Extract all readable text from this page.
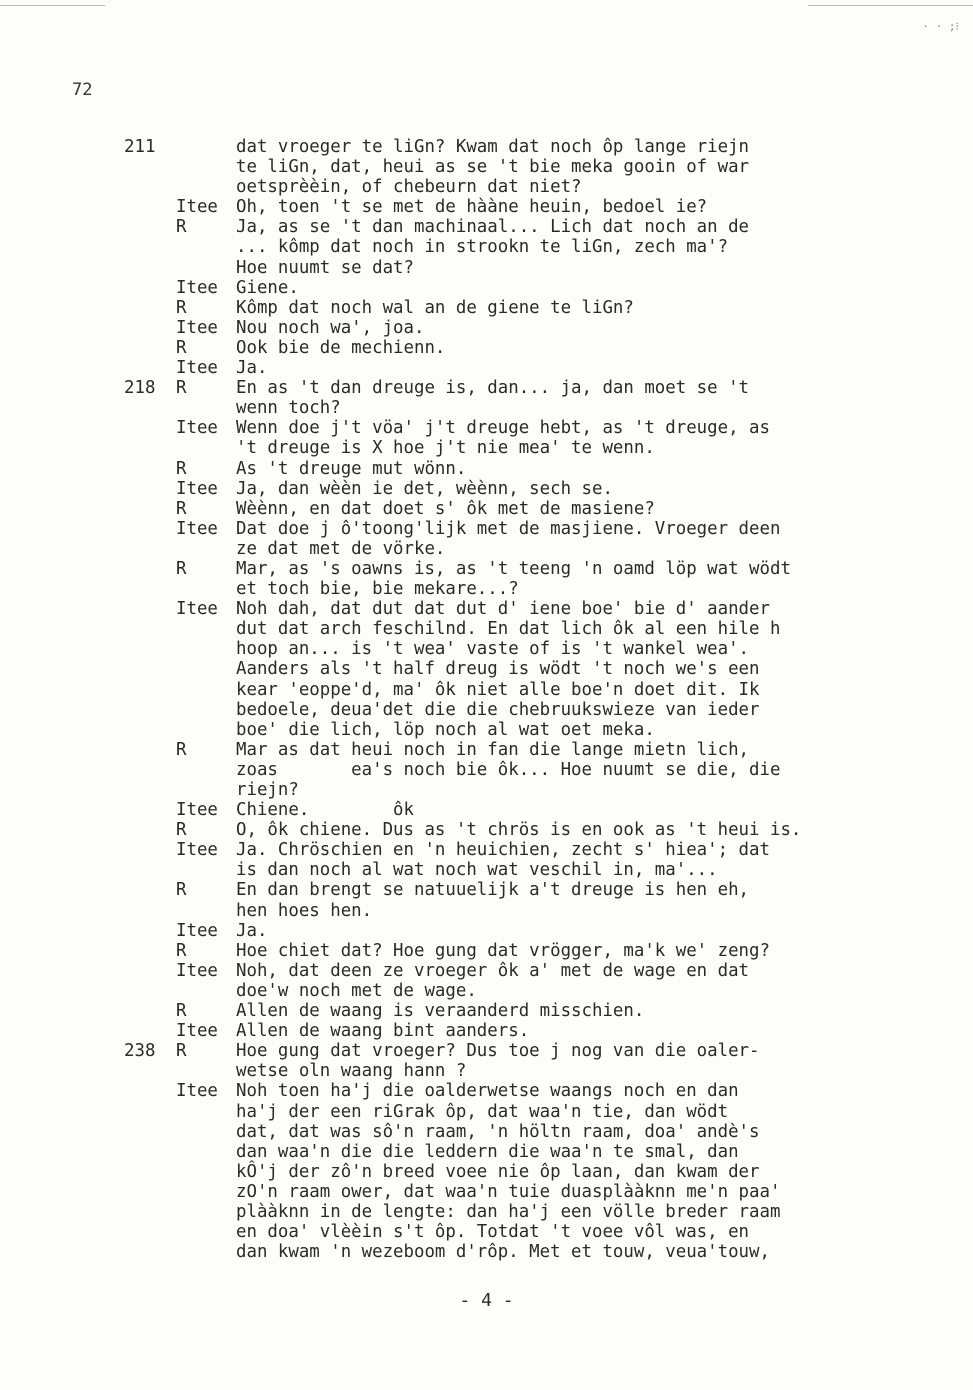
· · ;⁝
72
211	dat vroeger te liGn? Kwam dat noch ôp lange riejn
te liGn, dat, heui as se 't bie meka gooin of war
oetsprèèin, of chebeurn dat niet?
Itee	Oh, toen 't se met de hààne heuin, bedoel ie?
R	Ja, as se 't dan machinaal... Lich dat noch an de
... kômp dat noch in strookn te liGn, zech ma'?
Hoe nuumt se dat?
Itee	Giene.
R	Kômp dat noch wal an de giene te liGn?
Itee	Nou noch wa', joa.
R	Ook bie de mechienn.
Itee	Ja.
218	R	En as 't dan dreuge is, dan... ja, dan moet se 't
wenn toch?
Itee	Wenn doe j't vöa' j't dreuge hebt, as 't dreuge, as
't dreuge is X hoe j't nie mea' te wenn.
R	As 't dreuge mut wönn.
Itee	Ja, dan wèèn ie det, wèènn, sech se.
R	Wèènn, en dat doet s' ôk met de masiene?
Itee	Dat doe j ô'toong'lijk met de masjiene. Vroeger deen
ze dat met de vörke.
R	Mar, as 's oawns is, as 't teeng 'n oamd löp wat wödt
et toch bie, bie mekare...?
Itee	Noh dah, dat dut dat dut d' iene boe' bie d' aander
dut dat arch feschilnd. En dat lich ôk al een hile h
hoop an... is 't wea' vaste of is 't wankel wea'.
Aanders als 't half dreug is wödt 't noch we's een
kear 'eoppe'd, ma' ôk niet alle boe'n doet dit. Ik
bedoele, deua'det die die chebruukswieze van ieder
boe' die lich, löp noch al wat oet meka.
R	Mar as dat heui noch in fan die lange mietn lich,
zoas       ea's noch bie ôk... Hoe nuumt se die, die
riejn?
Itee	Chiene.        ôk
R	O, ôk chiene. Dus as 't chrös is en ook as 't heui is.
Itee	Ja. Chröschien en 'n heuichien, zecht s' hiea'; dat
is dan noch al wat noch wat veschil in, ma'...
R	En dan brengt se natuuelijk a't dreuge is hen eh,
hen hoes hen.
Itee	Ja.
R	Hoe chiet dat? Hoe gung dat vrögger, ma'k we' zeng?
Itee	Noh, dat deen ze vroeger ôk a' met de wage en dat
doe'w noch met de wage.
R	Allen de waang is veraanderd misschien.
Itee	Allen de waang bint aanders.
238	R	Hoe gung dat vroeger? Dus toe j nog van die oaler-
wetse oln waang hann ?
Itee	Noh toen ha'j die oalderwetse waangs noch en dan
ha'j der een riGrak ôp, dat waa'n tie, dan wödt
dat, dat was sô'n raam, 'n höltn raam, doa' andè's
dan waa'n die die leddern die waa'n te smal, dan
kÔ'j der zô'n breed voee nie ôp laan, dan kwam der
zO'n raam ower, dat waa'n tuie duasplààknn me'n paa'
plààknn in de lengte: dan ha'j een völle breder raam
en doa' vlèèin s't ôp. Totdat 't voee vôl was, en
dan kwam 'n wezeboom d'rôp. Met et touw, veua'touw,
- 4 -
